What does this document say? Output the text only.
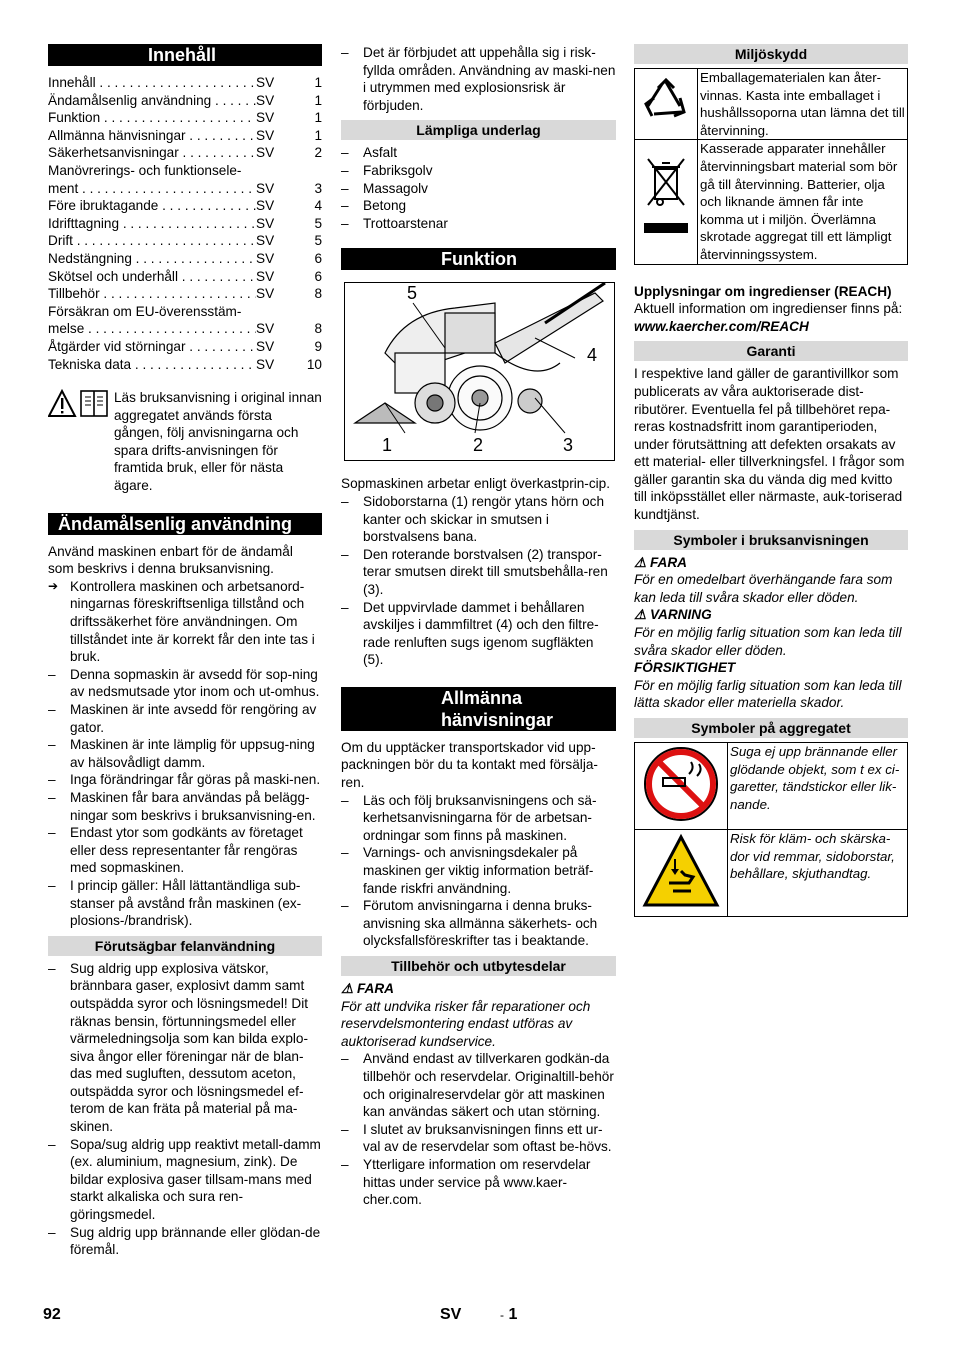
Innehåll
Innehåll . . .	SV	1
Ändamålsenlig användning . . .	SV	1
Funktion . . .	SV	1
Allmänna hänvisningar . . .	SV	1
Säkerhetsanvisningar . . .	SV	2
Manövrerings- och funktionsele-
ment . . .	SV	3
Före ibruktagande . . .	SV	4
Idrifttagning . . .	SV	5
Drift . . .	SV	5
Nedstängning . . .	SV	6
Skötsel och underhåll . . .	SV	6
Tillbehör . . .	SV	8
Försäkran om EU-överensstäm-
melse . . .	SV	8
Åtgärder vid störningar . . .	SV	9
Tekniska data . . .	SV	10

Läs bruksanvisning i original innan aggregatet används första gången, följ anvisningarna och spara drifts-anvisningen för framtida bruk, eller för nästa ägare.

Ändamålsenlig användning

Använd maskinen enbart för de ändamål som beskrivs i denna bruksanvisning.

➔ Kontrollera maskinen och arbetsanord-ningarnas föreskriftsenliga tillstånd och driftssäkerhet före användningen. Om tillståndet inte är korrekt får den inte tas i bruk.
– Denna sopmaskin är avsedd för sop-ning av nedsmutsade ytor inom och ut-omhus.
– Maskinen är inte avsedd för rengöring av gator.
– Maskinen är inte lämplig för uppsug-ning av hälsovådligt damm.
– Inga förändringar får göras på maski-nen.
– Maskinen får bara användas på belägg-ningar som beskrivs i bruksanvisning-en.
– Endast ytor som godkänts av företaget eller dess representanter får rengöras med sopmaskinen.
– I princip gäller: Håll lättantändliga sub-stanser på avstånd från maskinen (ex-plosions-/brandrisk).
Förutsägbar felanvändning
– Sug aldrig upp explosiva vätskor, brännbara gaser, explosivt damm samt outspädda syror och lösningsmedel! Dit räknas bensin, förtunningsmedel eller värmeledningsolja som kan bilda explo-siva ångor eller föreningar när de blan-das med sugluften, dessutom aceton, outspädda syror och lösningsmedel ef-terom de kan fräta på material på ma-skinen.
– Sopa/sug aldrig upp reaktivt metall-damm (ex. aluminium, magnesium, zink). De bildar explosiva gaser tillsam-mans med starkt alkaliska och sura ren-göringsmedel.
– Sug aldrig upp brännande eller glödan-de föremål.
– Det är förbjudet att uppehålla sig i risk-fyllda områden. Användning av maski-nen i utrymmen med explosionsrisk är förbjuden.
Lämpliga underlag
– Asfalt
– Fabriksgolv
– Massagolv
– Betong
– Trottoarstenar
Funktion
5
4
1	2	3

Sopmaskinen arbetar enligt överkastprin-cip.

– Sidoborstarna (1) rengör ytans hörn och kanter och skickar in smutsen i borstvalsens bana.
– Den roterande borstvalsen (2) transpor-terar smutsen direkt till smutsbehålla-ren (3).
– Det uppvirvlade dammet i behållaren avskiljes i dammfiltret (4) och den filtre-rade renluften sugs igenom sugfläkten (5).
Allmänna hänvisningar

Om du upptäcker transportskador vid upp-packningen bör du ta kontakt med försälja-ren.

– Läs och följ bruksanvisningens och sä-kerhetsanvisningarna för de arbetsan-ordningar som finns på maskinen.
– Varnings- och anvisningsdekaler på maskinen ger viktig information beträf-fande riskfri användning.
– Förutom anvisningarna i denna bruks-anvisning ska allmänna säkerhets- och olycksfallsföreskrifter tas i beaktande.
Tillbehör och utbytesdelar

⚠ FARA

För att undvika risker får reparationer och reservdelsmontering endast utföras av auktoriserad kundservice.

– Använd endast av tillverkaren godkän-da tillbehör och reservdelar. Originaltill-behör och originalreservdelar gör att maskinen kan användas säkert och utan störning.
– I slutet av bruksanvisningen finns ett ur-val av de reservdelar som oftast be-hövs.
– Ytterligare information om reservdelar hittas under service på www.kaer-cher.com.
Miljöskydd
	Emballagematerialen kan åter-vinnas. Kasta inte emballaget i hushållssoporna utan lämna det till återvinning.
	Kasserade apparater innehåller återvinningsbart material som bör gå till återvinning. Batterier, olja och liknande ämnen får inte komma ut i miljön. Överlämna skrotade aggregat till ett lämpligt återvinningssystem.

Upplysningar om ingredienser (REACH)

Aktuell information om ingredienser finns på:

www.kaercher.com/REACH

Garanti

I respektive land gäller de garantivillkor som publicerats av våra auktoriserade dist-ributörer. Eventuella fel på tillbehöret repa-reras kostnadsfritt inom garantiperioden, under förutsättning att defekten orsakats av ett material- eller tillverkningsfel. I frågor som gäller garantin ska du vända dig med kvitto till inköpsstället eller närmaste, auk-toriserad kundtjänst.

Symboler i bruksanvisningen

⚠ FARA

För en omedelbart överhängande fara som kan leda till svåra skador eller döden.

⚠ VARNING

För en möjlig farlig situation som kan leda till svåra skador eller döden.

FÖRSIKTIGHET

För en möjlig farlig situation som kan leda till lätta skador eller materiella skador.

Symboler på aggregatet
	Suga ej upp brännande eller glödande objekt, som t ex ci-garetter, tändstickor eller lik-nande.
	Risk för kläm- och skärska-dor vid remmar, sidoborstar, behållare, skjuthandtag.
92	SV	- 1
